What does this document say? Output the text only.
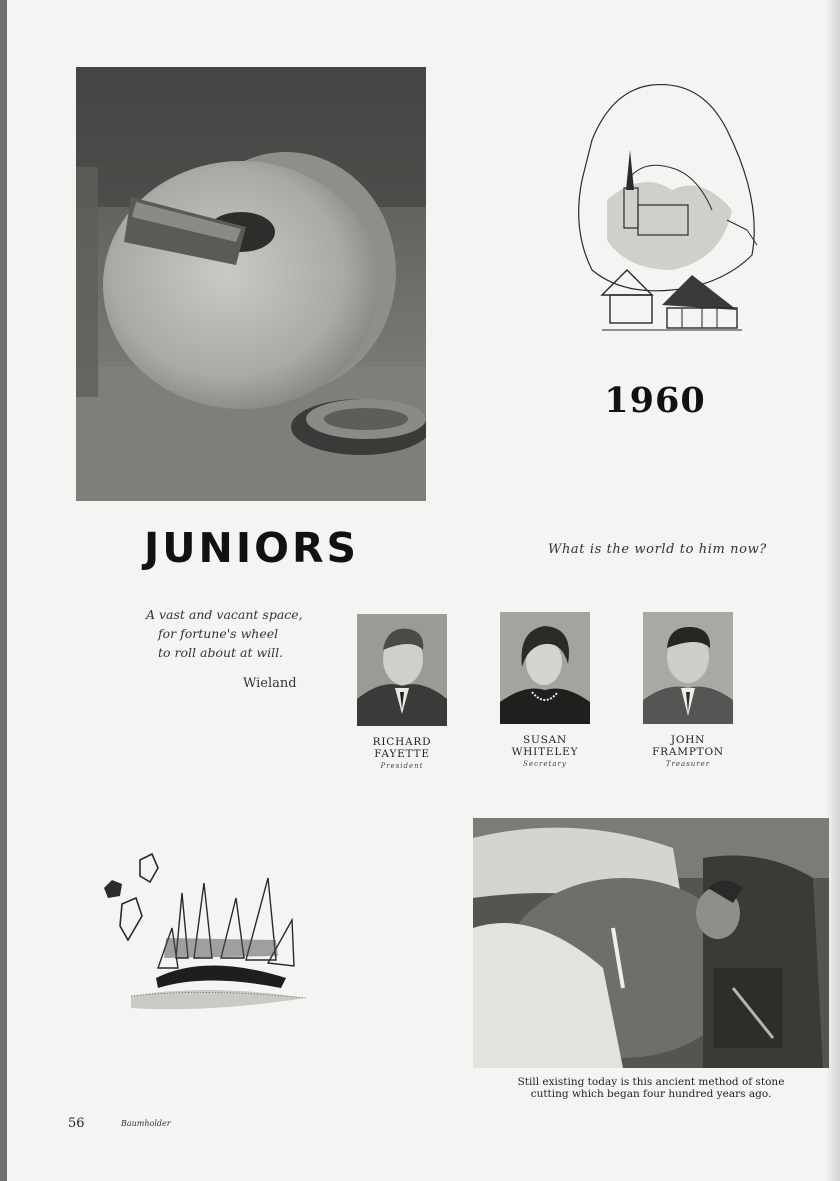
1960
JUNIORS	What is the world to him now?
A vast and vacant space,
for fortune's wheel
to roll about at will.
Wieland
RICHARD
FAYETTE
President
SUSAN
WHITELEY
Secretary
JOHN
FRAMPTON
Treasurer
Still existing today is this ancient method of stone
cutting which began four hundred years ago.
56	Baumholder
